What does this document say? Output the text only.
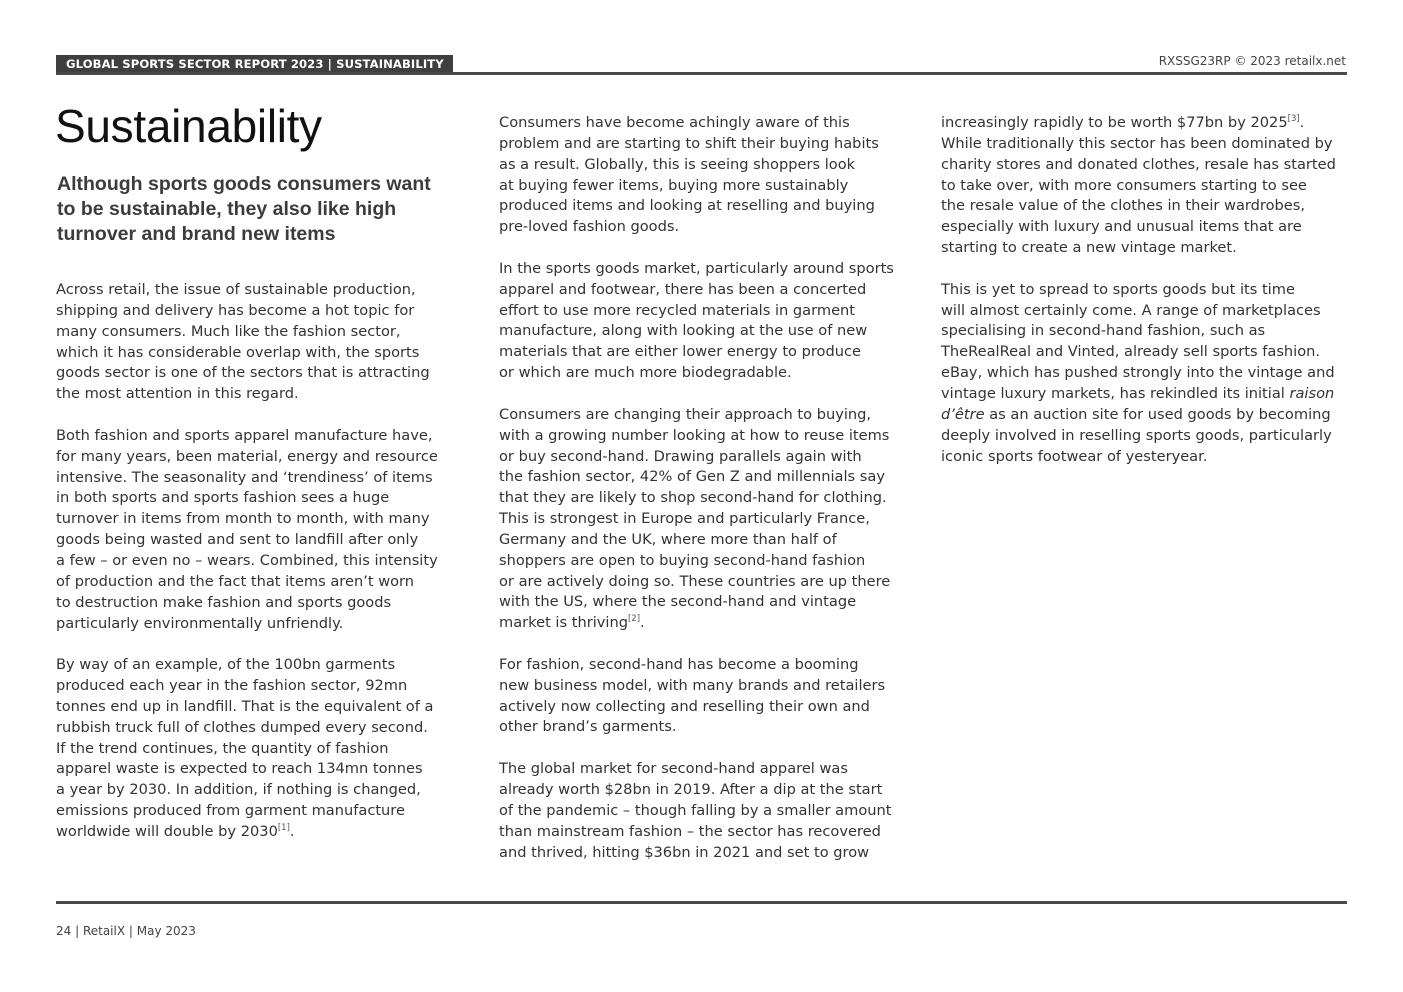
GLOBAL SPORTS SECTOR REPORT 2023 | SUSTAINABILITY	RXSSG23RP © 2023 retailx.net
Sustainability
Although sports goods consumers want to be sustainable, they also like high turnover and brand new items

Across retail, the issue of sustainable production,
shipping and delivery has become a hot topic for
many consumers. Much like the fashion sector,
which it has considerable overlap with, the sports
goods sector is one of the sectors that is attracting
the most attention in this regard.

Both fashion and sports apparel manufacture have,
for many years, been material, energy and resource
intensive. The seasonality and ‘trendiness’ of items
in both sports and sports fashion sees a huge
turnover in items from month to month, with many
goods being wasted and sent to landfill after only
a few – or even no – wears. Combined, this intensity
of production and the fact that items aren’t worn
to destruction make fashion and sports goods
particularly environmentally unfriendly.

By way of an example, of the 100bn garments
produced each year in the fashion sector, 92mn
tonnes end up in landfill. That is the equivalent of a
rubbish truck full of clothes dumped every second.
If the trend continues, the quantity of fashion
apparel waste is expected to reach 134mn tonnes
a year by 2030. In addition, if nothing is changed,
emissions produced from garment manufacture
worldwide will double by 2030[1].

Consumers have become achingly aware of this
problem and are starting to shift their buying habits
as a result. Globally, this is seeing shoppers look
at buying fewer items, buying more sustainably
produced items and looking at reselling and buying
pre-loved fashion goods.

In the sports goods market, particularly around sports
apparel and footwear, there has been a concerted
effort to use more recycled materials in garment
manufacture, along with looking at the use of new
materials that are either lower energy to produce
or which are much more biodegradable.

Consumers are changing their approach to buying,
with a growing number looking at how to reuse items
or buy second-hand. Drawing parallels again with
the fashion sector, 42% of Gen Z and millennials say
that they are likely to shop second-hand for clothing.
This is strongest in Europe and particularly France,
Germany and the UK, where more than half of
shoppers are open to buying second-hand fashion
or are actively doing so. These countries are up there
with the US, where the second-hand and vintage
market is thriving[2].

For fashion, second-hand has become a booming
new business model, with many brands and retailers
actively now collecting and reselling their own and
other brand’s garments.

The global market for second-hand apparel was
already worth $28bn in 2019. After a dip at the start
of the pandemic – though falling by a smaller amount
than mainstream fashion – the sector has recovered
and thrived, hitting $36bn in 2021 and set to grow

increasingly rapidly to be worth $77bn by 2025[3].
While traditionally this sector has been dominated by
charity stores and donated clothes, resale has started
to take over, with more consumers starting to see
the resale value of the clothes in their wardrobes,
especially with luxury and unusual items that are
starting to create a new vintage market.

This is yet to spread to sports goods but its time
will almost certainly come. A range of marketplaces
specialising in second-hand fashion, such as
TheRealReal and Vinted, already sell sports fashion.
eBay, which has pushed strongly into the vintage and
vintage luxury markets, has rekindled its initial raison
d’être as an auction site for used goods by becoming
deeply involved in reselling sports goods, particularly
iconic sports footwear of yesteryear.

24 | RetailX | May 2023
